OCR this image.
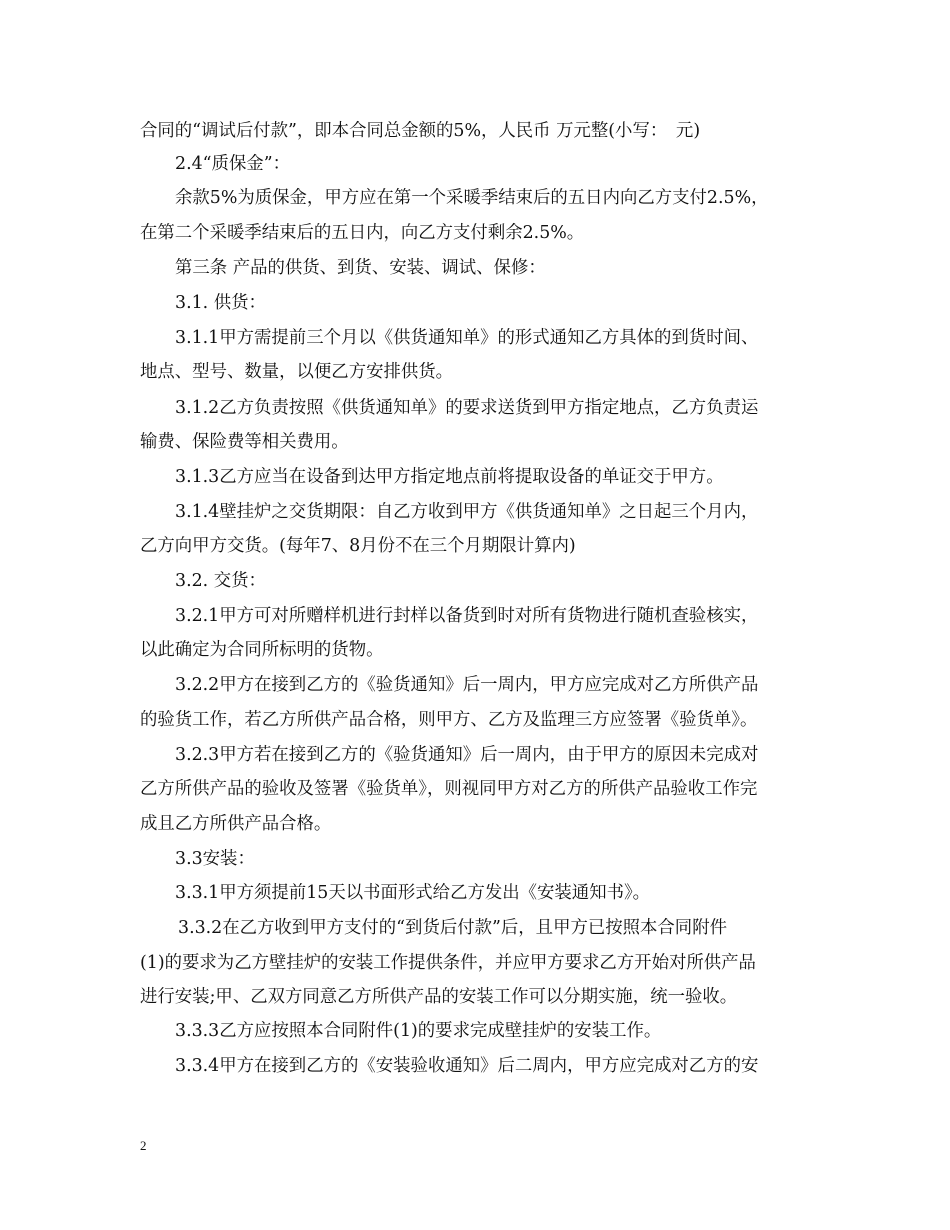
合同的“调试后付款”，即本合同总金额的5%，人民币 万元整(小写：　元)
2.4“质保金”：
余款5%为质保金，甲方应在第一个采暖季结束后的五日内向乙方支付2.5%，
在第二个采暖季结束后的五日内，向乙方支付剩余2.5%。
第三条 产品的供货、到货、安装、调试、保修：
3.1. 供货：
3.1.1甲方需提前三个月以《供货通知单》的形式通知乙方具体的到货时间、
地点、型号、数量，以便乙方安排供货。
3.1.2乙方负责按照《供货通知单》的要求送货到甲方指定地点，乙方负责运
输费、保险费等相关费用。
3.1.3乙方应当在设备到达甲方指定地点前将提取设备的单证交于甲方。
3.1.4壁挂炉之交货期限：自乙方收到甲方《供货通知单》之日起三个月内，
乙方向甲方交货。(每年7、8月份不在三个月期限计算内)
3.2. 交货：
3.2.1甲方可对所赠样机进行封样以备货到时对所有货物进行随机查验核实，
以此确定为合同所标明的货物。
3.2.2甲方在接到乙方的《验货通知》后一周内，甲方应完成对乙方所供产品
的验货工作，若乙方所供产品合格，则甲方、乙方及监理三方应签署《验货单》。
3.2.3甲方若在接到乙方的《验货通知》后一周内，由于甲方的原因未完成对
乙方所供产品的验收及签署《验货单》，则视同甲方对乙方的所供产品验收工作完
成且乙方所供产品合格。
3.3安装：
3.3.1甲方须提前15天以书面形式给乙方发出《安装通知书》。
3.3.2在乙方收到甲方支付的“到货后付款”后，且甲方已按照本合同附件
(1)的要求为乙方壁挂炉的安装工作提供条件，并应甲方要求乙方开始对所供产品
进行安装;甲、乙双方同意乙方所供产品的安装工作可以分期实施，统一验收。
3.3.3乙方应按照本合同附件(1)的要求完成壁挂炉的安装工作。
3.3.4甲方在接到乙方的《安装验收通知》后二周内，甲方应完成对乙方的安
2
